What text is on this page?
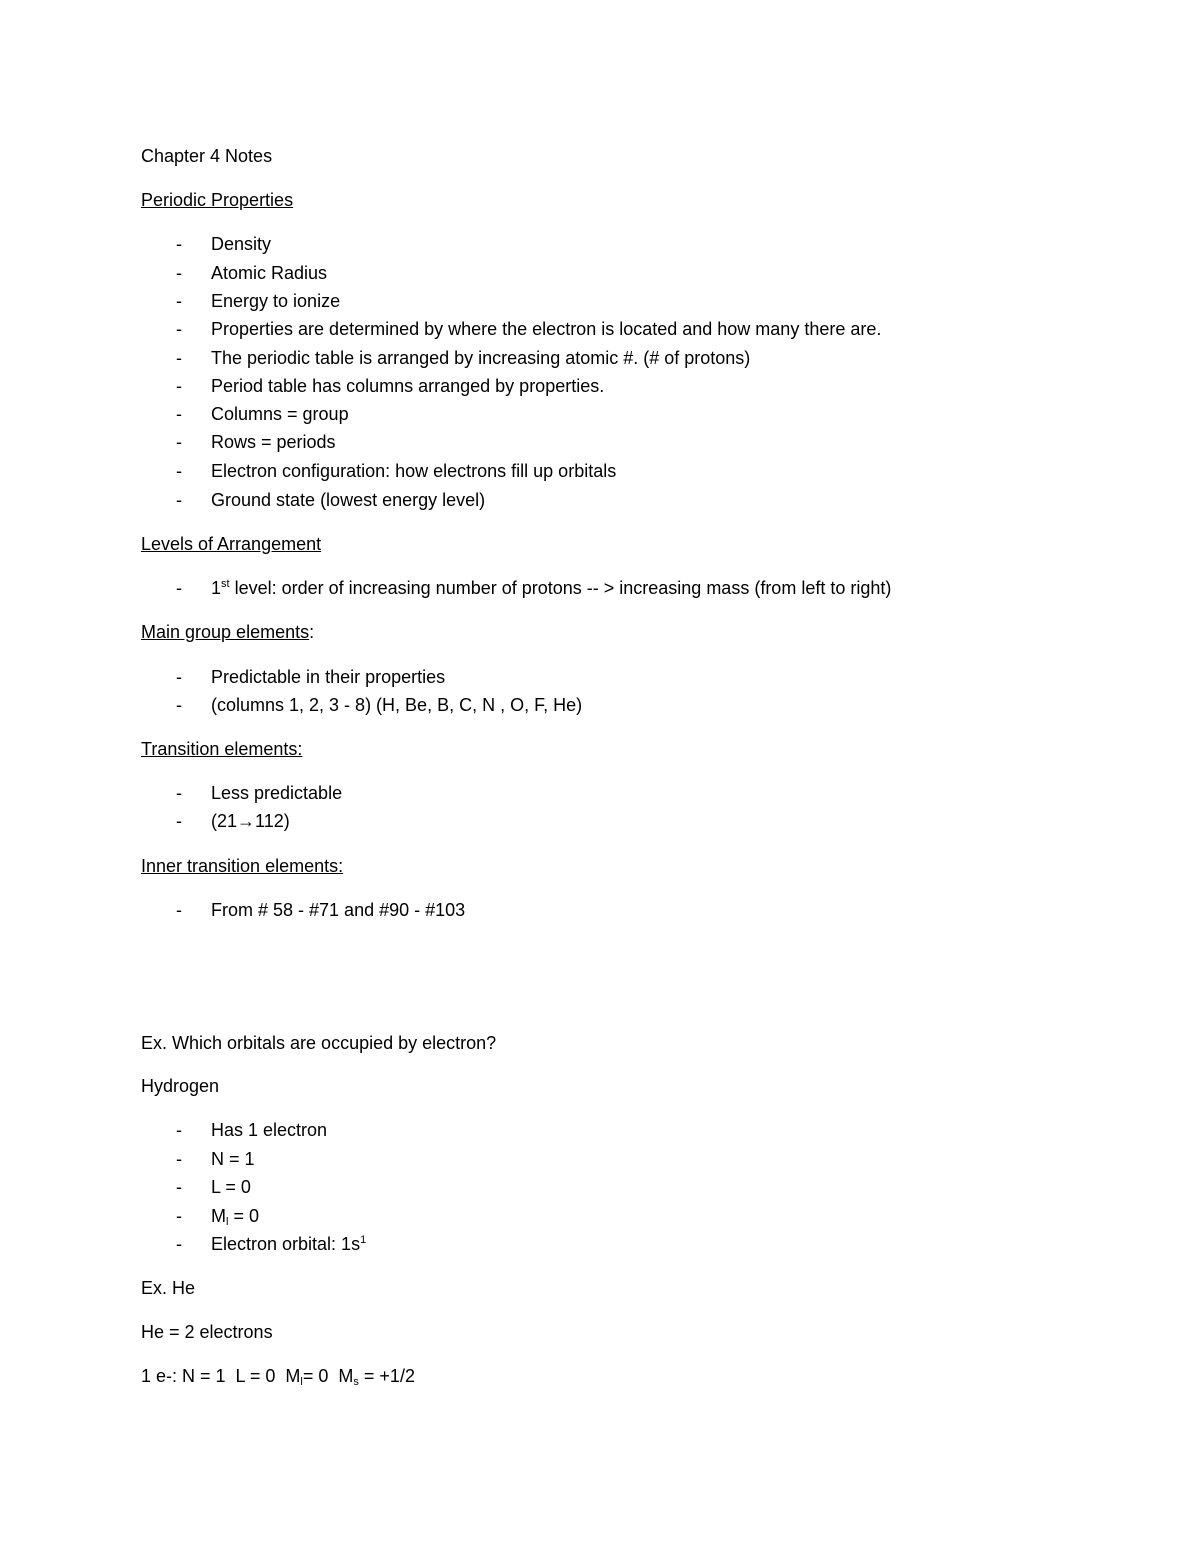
Chapter 4 Notes
Periodic Properties
- Density
- Atomic Radius
- Energy to ionize
- Properties are determined by where the electron is located and how many there are.
- The periodic table is arranged by increasing atomic #. (# of protons)
- Period table has columns arranged by properties.
- Columns = group
- Rows = periods
- Electron configuration: how electrons fill up orbitals
- Ground state (lowest energy level)
Levels of Arrangement
- 1st level: order of increasing number of protons -- > increasing mass (from left to right)
Main group elements:
- Predictable in their properties
- (columns 1, 2, 3 - 8) (H, Be, B, C, N , O, F, He)
Transition elements:
- Less predictable
- (21→112)
Inner transition elements:
- From # 58 - #71 and #90 - #103
Ex. Which orbitals are occupied by electron?
Hydrogen
- Has 1 electron
- N = 1
- L = 0
- $M_l = 0$
- Electron orbital: $1s^1$
Ex. He
He = 2 electrons
1 e-: N = 1  L = 0  $M_l= 0$  $M_s = +1/2$
